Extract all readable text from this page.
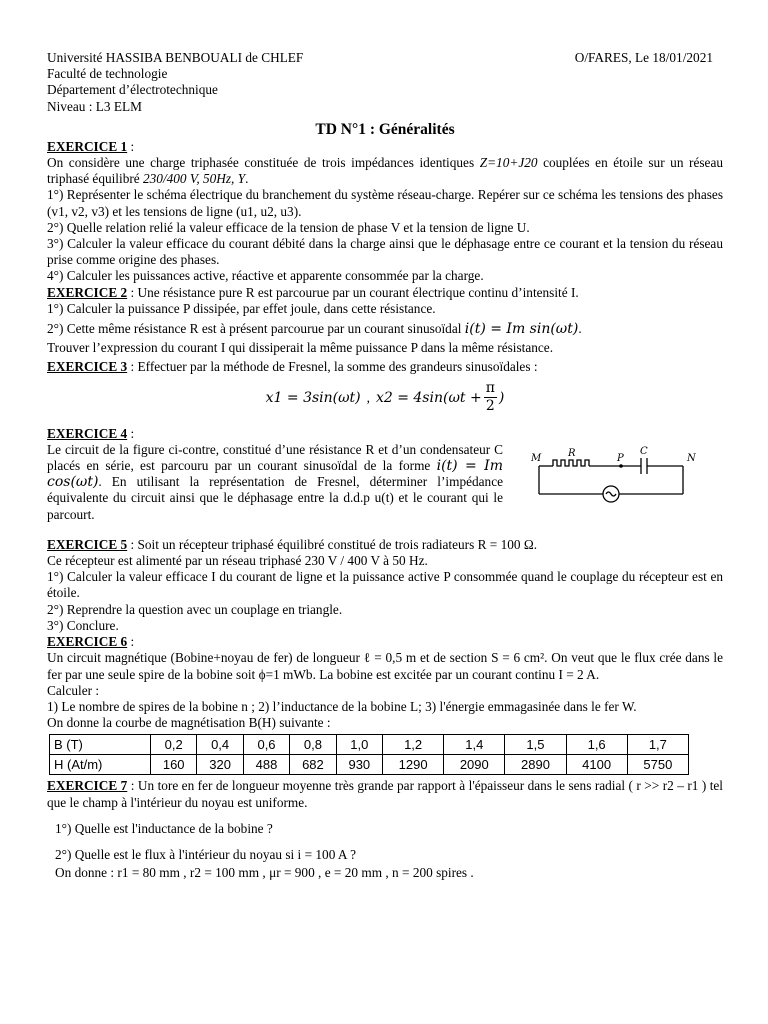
Université HASSIBA BENBOUALI de CHLEF	O/FARES, Le 18/01/2021

Faculté de technologie

Département d’électrotechnique

Niveau : L3 ELM

TD N°1 : Généralités

EXERCICE 1 :

On considère une charge triphasée constituée de trois impédances identiques Z=10+J20 couplées en étoile sur un réseau triphasé équilibré 230/400 V, 50Hz, Y.

1°) Représenter le schéma électrique du branchement du système réseau-charge. Repérer sur ce schéma les tensions des phases (v1, v2, v3) et les tensions de ligne (u1, u2, u3).

2°) Quelle relation relié la valeur efficace de la tension de phase V et la tension de ligne U.

3°) Calculer la valeur efficace du courant débité dans la charge ainsi que le déphasage entre ce courant et la tension du réseau prise comme origine des phases.

4°) Calculer les puissances active, réactive et apparente consommée par la charge.

EXERCICE 2 : Une résistance pure R est parcourue par un courant électrique continu d’intensité I.

1°) Calculer la puissance P dissipée, par effet joule, dans cette résistance.

2°) Cette même résistance R est à présent parcourue par un courant sinusoïdal i(t) = Im sin(ωt).

Trouver l’expression du courant I qui dissiperait la même puissance P dans la même résistance.

EXERCICE 3 : Effectuer par la méthode de Fresnel, la somme des grandeurs sinusoïdales :

x1 = 3sin(ωt) , $x2 = 4\sin(\omega t + \frac{\pi}{2}$ )

EXERCICE 4 :

Le circuit de la figure ci-contre, constitué d’une résistance R et d’un condensateur C placés en série, est parcouru par un courant sinusoïdal de la forme i(t) = Im cos(ωt). En utilisant la représentation de Fresnel, déterminer l’impédance équivalente du circuit ainsi que le déphasage entre la d.d.p u(t) et le courant qui le parcourt.
M	R	P
C
N

EXERCICE 5 : Soit un récepteur triphasé équilibré constitué de trois radiateurs R = 100 Ω.

Ce récepteur est alimenté par un réseau triphasé 230 V / 400 V à 50 Hz.

1°) Calculer la valeur efficace I du courant de ligne et la puissance active P consommée quand le couplage du récepteur est en étoile.

2°) Reprendre la question avec un couplage en triangle.

3°) Conclure.

EXERCICE 6 :

Un circuit magnétique (Bobine+noyau de fer) de longueur ℓ = 0,5 m et de section S = 6 cm². On veut que le flux crée dans le fer par une seule spire de la bobine soit ϕ=1 mWb. La bobine est excitée par un courant continu I = 2 A.

Calculer :

1) Le nombre de spires de la bobine n ; 2) l’inductance de la bobine L; 3) l'énergie emmagasinée dans le fer W.

On donne la courbe de magnétisation B(H) suivante :

B (T)	0,2	0,4	0,6	0,8	1,0	1,2	1,4	1,5	1,6	1,7
H (At/m)	160	320	488	682	930	1290	2090	2890	4100	5750

EXERCICE 7 : Un tore en fer de longueur moyenne très grande par rapport à l'épaisseur dans le sens radial ( r >> r2 – r1 ) tel que le champ à l'intérieur du noyau est uniforme.

1°) Quelle est l'inductance de la bobine ?

2°) Quelle est le flux à l'intérieur du noyau si i = 100 A ?

On donne : r1 = 80 mm , r2 = 100 mm , μr = 900 , e = 20 mm , n = 200 spires .
